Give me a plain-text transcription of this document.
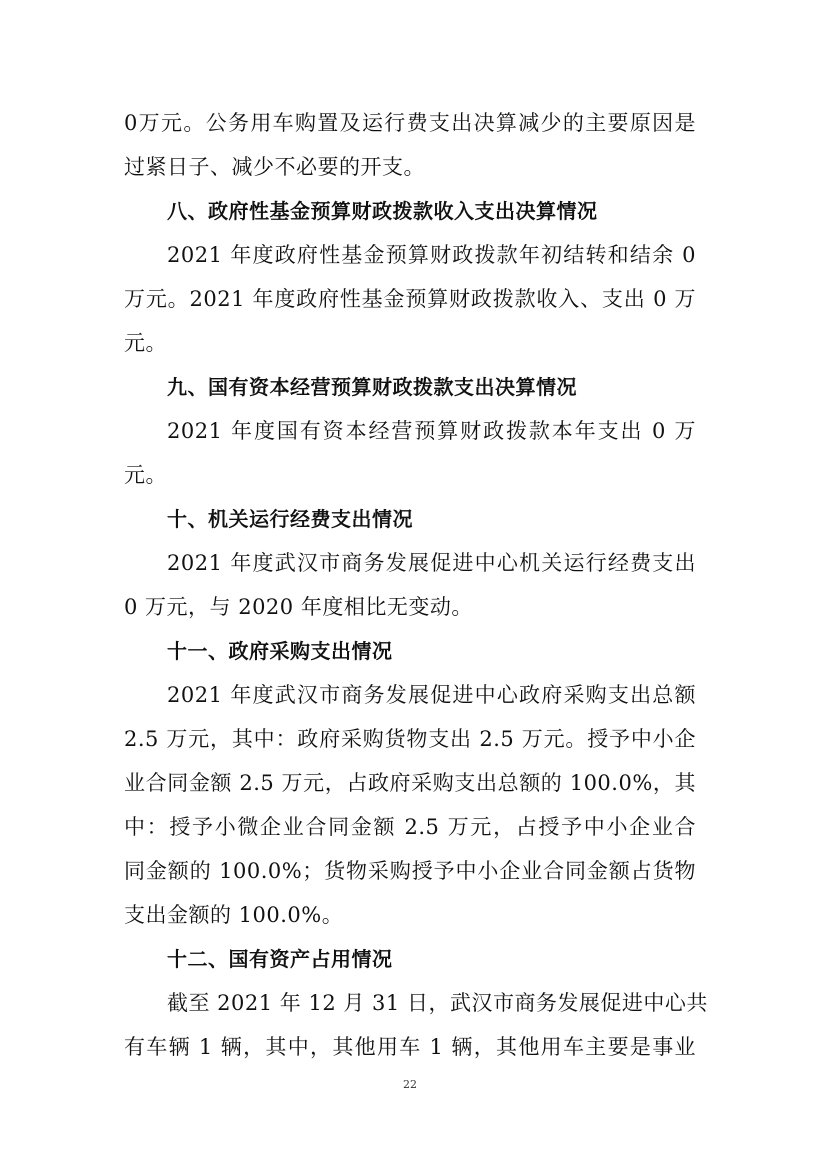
0万元。公务用车购置及运行费支出决算减少的主要原因是
过紧日子、减少不必要的开支。
八、政府性基金预算财政拨款收入支出决算情况
2021 年度政府性基金预算财政拨款年初结转和结余 0
万元。2021 年度政府性基金预算财政拨款收入、支出 0 万
元。
九、国有资本经营预算财政拨款支出决算情况
2021 年度国有资本经营预算财政拨款本年支出 0 万
元。
十、机关运行经费支出情况
2021 年度武汉市商务发展促进中心机关运行经费支出
0 万元，与 2020 年度相比无变动。
十一、政府采购支出情况
2021 年度武汉市商务发展促进中心政府采购支出总额
2.5 万元，其中：政府采购货物支出 2.5 万元。授予中小企
业合同金额 2.5 万元，占政府采购支出总额的 100.0%，其
中：授予小微企业合同金额 2.5 万元，占授予中小企业合
同金额的 100.0%；货物采购授予中小企业合同金额占货物
支出金额的 100.0%。
十二、国有资产占用情况
截至 2021 年 12 月 31 日，武汉市商务发展促进中心共
有车辆 1 辆，其中，其他用车 1 辆，其他用车主要是事业
22
